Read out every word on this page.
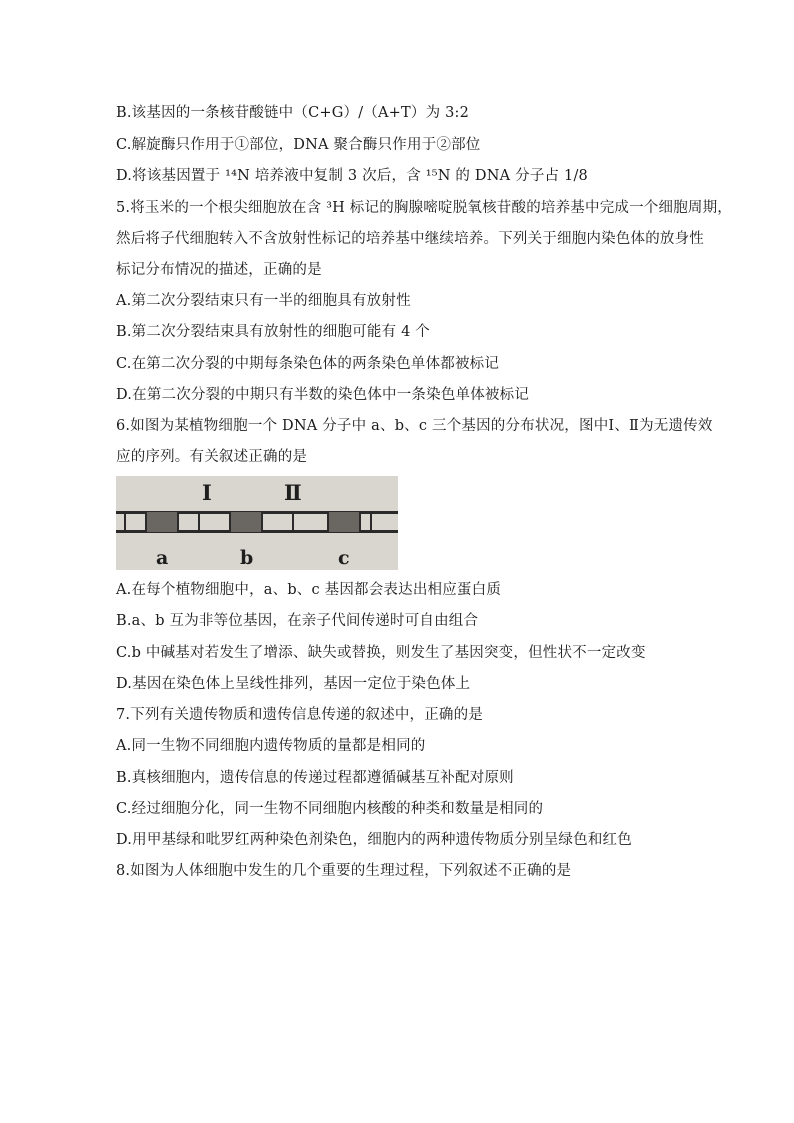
B.该基因的一条核苷酸链中（C+G）/（A+T）为 3:2
C.解旋酶只作用于①部位，DNA 聚合酶只作用于②部位
D.将该基因置于 ¹⁴N 培养液中复制 3 次后，含 ¹⁵N 的 DNA 分子占 1/8
5.将玉米的一个根尖细胞放在含 ³H 标记的胸腺嘧啶脱氧核苷酸的培养基中完成一个细胞周期，
然后将子代细胞转入不含放射性标记的培养基中继续培养。下列关于细胞内染色体的放身性
标记分布情况的描述，正确的是
A.第二次分裂结束只有一半的细胞具有放射性
B.第二次分裂结束具有放射性的细胞可能有 4 个
C.在第二次分裂的中期每条染色体的两条染色单体都被标记
D.在第二次分裂的中期只有半数的染色体中一条染色单体被标记
6.如图为某植物细胞一个 DNA 分子中 a、b、c 三个基因的分布状况，图中Ⅰ、Ⅱ为无遗传效
应的序列。有关叙述正确的是
Ⅰ	Ⅱ
a	b	c
A.在每个植物细胞中，a、b、c 基因都会表达出相应蛋白质
B.a、b 互为非等位基因，在亲子代间传递时可自由组合
C.b 中碱基对若发生了增添、缺失或替换，则发生了基因突变，但性状不一定改变
D.基因在染色体上呈线性排列，基因一定位于染色体上
7.下列有关遗传物质和遗传信息传递的叙述中，正确的是
A.同一生物不同细胞内遗传物质的量都是相同的
B.真核细胞内，遗传信息的传递过程都遵循碱基互补配对原则
C.经过细胞分化，同一生物不同细胞内核酸的种类和数量是相同的
D.用甲基绿和吡罗红两种染色剂染色，细胞内的两种遗传物质分别呈绿色和红色
8.如图为人体细胞中发生的几个重要的生理过程，下列叙述不正确的是
